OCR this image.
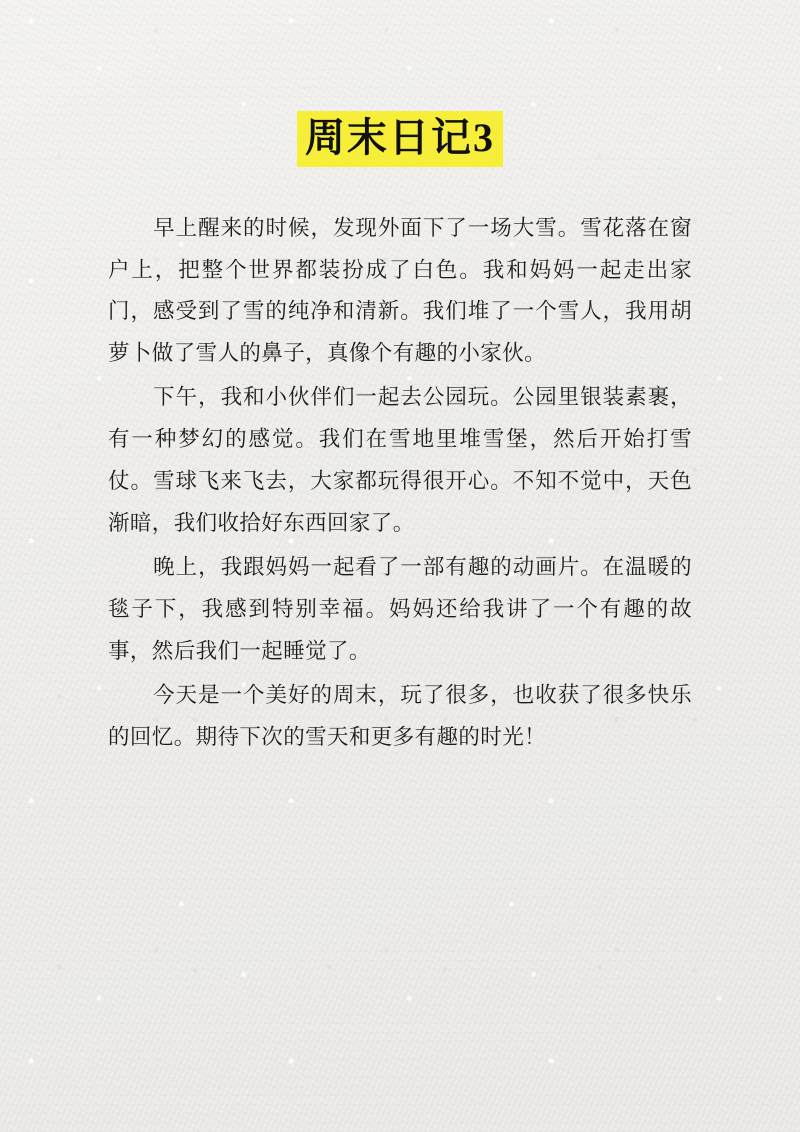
周末日记3

早上醒来的时候，发现外面下了一场大雪。雪花落在窗户上，把整个世界都装扮成了白色。我和妈妈一起走出家门，感受到了雪的纯净和清新。我们堆了一个雪人，我用胡萝卜做了雪人的鼻子，真像个有趣的小家伙。

下午，我和小伙伴们一起去公园玩。公园里银装素裹，有一种梦幻的感觉。我们在雪地里堆雪堡，然后开始打雪仗。雪球飞来飞去，大家都玩得很开心。不知不觉中，天色渐暗，我们收拾好东西回家了。

晚上，我跟妈妈一起看了一部有趣的动画片。在温暖的毯子下，我感到特别幸福。妈妈还给我讲了一个有趣的故事，然后我们一起睡觉了。

今天是一个美好的周末，玩了很多，也收获了很多快乐的回忆。期待下次的雪天和更多有趣的时光！
